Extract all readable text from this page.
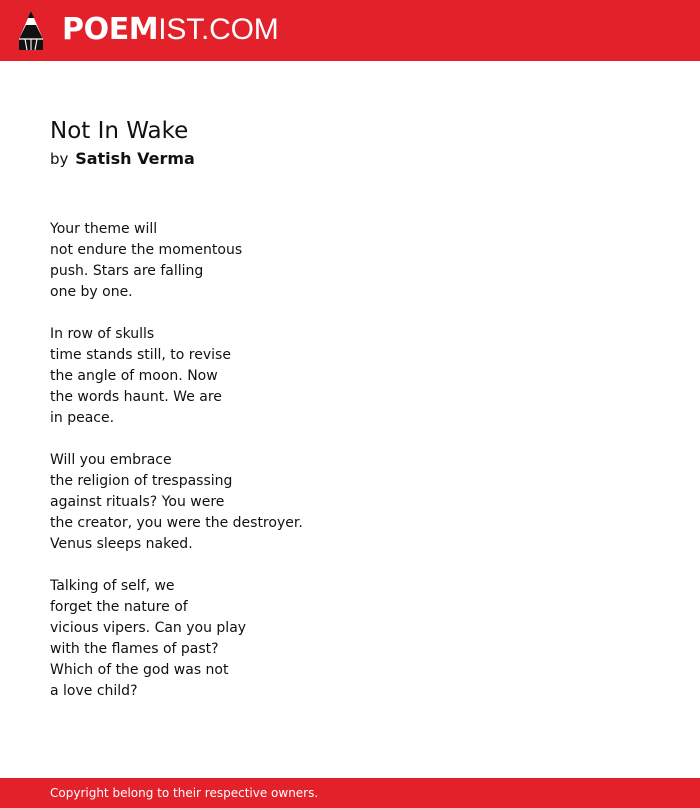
POEMIST.COM
Not In Wake

by Satish Verma

Your theme will
not endure the momentous
push. Stars are falling
one by one.
In row of skulls
time stands still, to revise
the angle of moon. Now
the words haunt. We are
in peace.
Will you embrace
the religion of trespassing
against rituals? You were
the creator, you were the destroyer.
Venus sleeps naked.
Talking of self, we
forget the nature of
vicious vipers. Can you play
with the flames of past?
Which of the god was not
a love child?
Copyright belong to their respective owners.
